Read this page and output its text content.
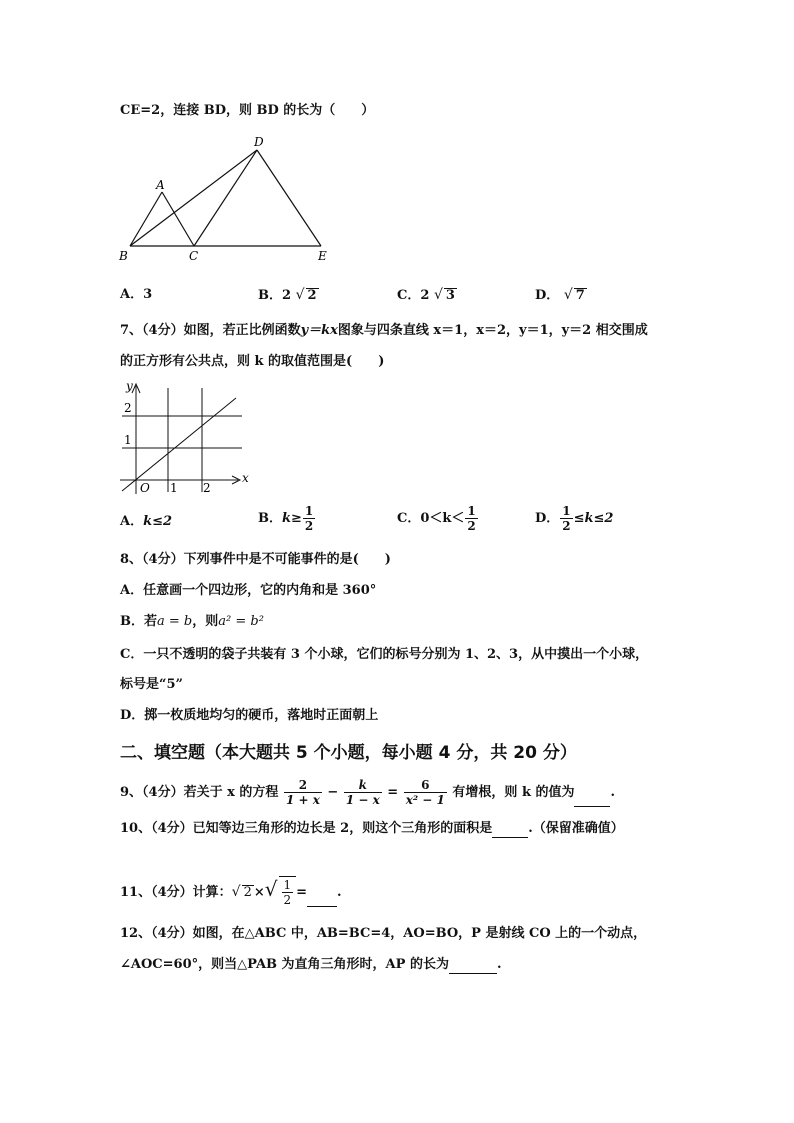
CE=2，连接 BD，则 BD 的长为（　　）
A
B	C
D
E
A．3	B．2 √ 2	C．2 √ 3	D． √ 7
7、（4分）如图，若正比例函数y＝kx图象与四条直线 x＝1，x＝2，y＝1，y＝2 相交围成
的正方形有公共点，则 k 的取值范围是(　　)
y
x
O 1 2
1
2
A．k≤2	B．$k\ge \frac{1}{2}$	C．$0<k< \frac{1}{2}$	D． $\frac{1}{2} \le k\le 2$
8、（4分）下列事件中是不可能事件的是(　　)
A．任意画一个四边形，它的内角和是 360°
B．若a = b，则a² = b²
C．一只不透明的袋子共装有 3 个小球，它们的标号分别为 1、2、3，从中摸出一个小球，
标号是“5”
D．掷一枚质地均匀的硬币，落地时正面朝上
二、填空题（本大题共 5 个小题，每小题 4 分，共 20 分）
9、（4分）若关于 x 的方程 $\frac{2}{1 + x} - \frac{k}{1 - x} = \frac{6}{\text{x² − 1}}$ 有增根，则 k 的值为	.
10、（4分）已知等边三角形的边长是 2，则这个三角形的面积是	.（保留准确值）
11、（4分）计算：√ 2 ×√ $\frac{1}{2}$ = .
12、（4分）如图，在△ABC 中，AB=BC=4，AO=BO，P 是射线 CO 上的一个动点，
∠AOC=60°，则当△PAB 为直角三角形时，AP 的长为	.
